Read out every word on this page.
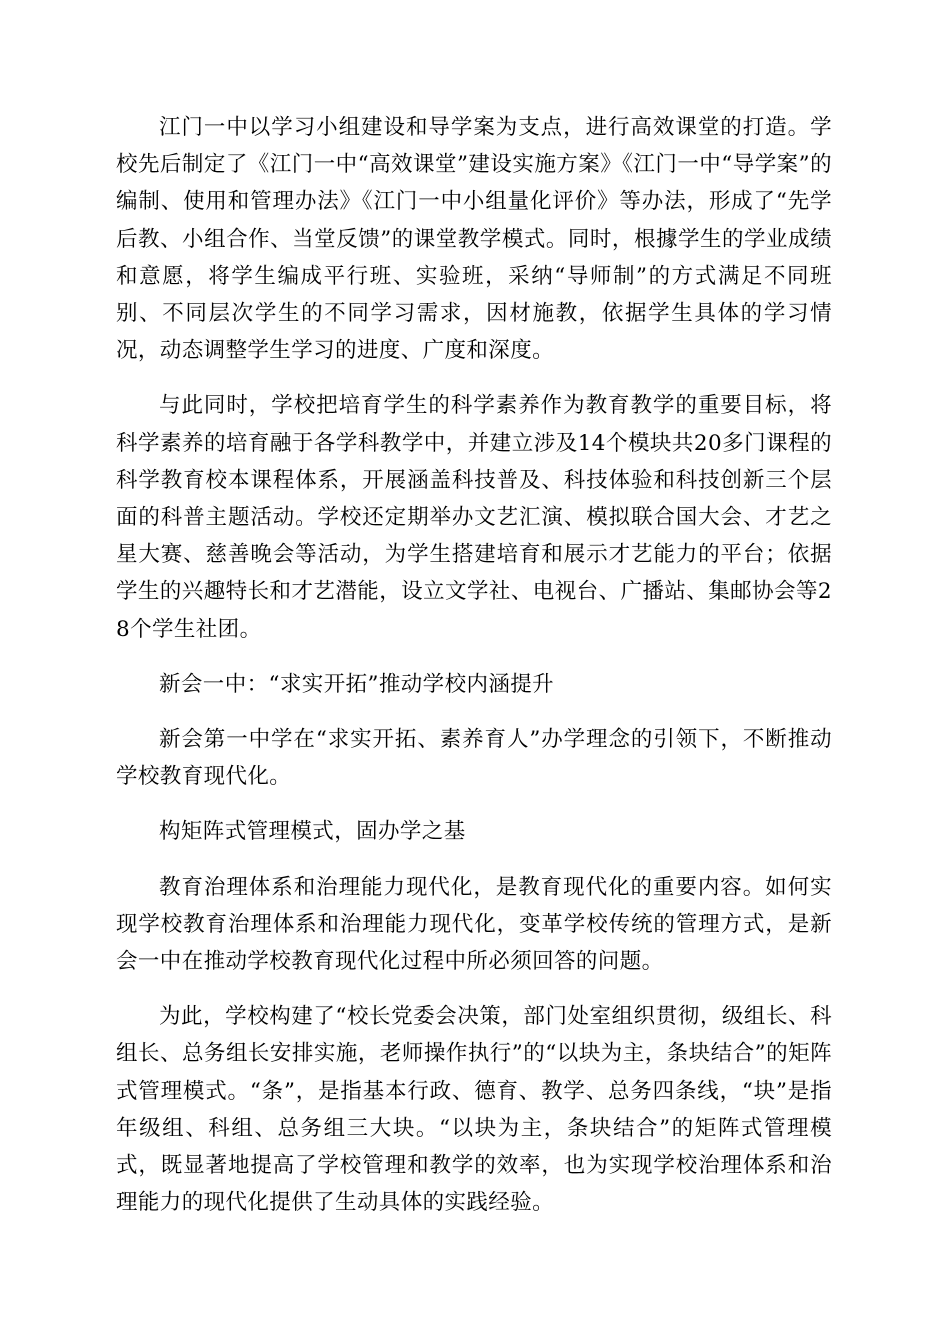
江门一中以学习小组建设和导学案为支点，进行高效课堂的打造。学校先后制定了《江门一中“高效课堂”建设实施方案》《江门一中“导学案”的编制、使用和管理办法》《江门一中小组量化评价》等办法，形成了“先学后教、小组合作、当堂反馈”的课堂教学模式。同时，根據学生的学业成绩和意愿，将学生编成平行班、实验班，采纳“导师制”的方式满足不同班别、不同层次学生的不同学习需求，因材施教，依据学生具体的学习情况，动态调整学生学习的进度、广度和深度。

与此同时，学校把培育学生的科学素养作为教育教学的重要目标，将科学素养的培育融于各学科教学中，并建立涉及14个模块共20多门课程的科学教育校本课程体系，开展涵盖科技普及、科技体验和科技创新三个层面的科普主题活动。学校还定期举办文艺汇演、模拟联合国大会、才艺之星大赛、慈善晚会等活动，为学生搭建培育和展示才艺能力的平台；依据学生的兴趣特长和才艺潜能，设立文学社、电视台、广播站、集邮协会等28个学生社团。

新会一中：“求实开拓”推动学校内涵提升

新会第一中学在“求实开拓、素养育人”办学理念的引领下，不断推动学校教育现代化。

构矩阵式管理模式，固办学之基

教育治理体系和治理能力现代化，是教育现代化的重要内容。如何实现学校教育治理体系和治理能力现代化，变革学校传统的管理方式，是新会一中在推动学校教育现代化过程中所必须回答的问题。

为此，学校构建了“校长党委会决策，部门处室组织贯彻，级组长、科组长、总务组长安排实施，老师操作执行”的“以块为主，条块结合”的矩阵式管理模式。“条”，是指基本行政、德育、教学、总务四条线，“块”是指年级组、科组、总务组三大块。“以块为主，条块结合”的矩阵式管理模式，既显著地提高了学校管理和教学的效率，也为实现学校治理体系和治理能力的现代化提供了生动具体的实践经验。
